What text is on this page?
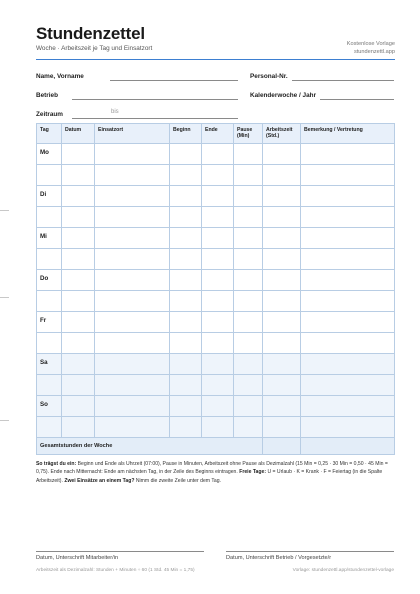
Stundenzettel
Woche · Arbeitszeit je Tag und Einsatzort
Kostenlose Vorlage
stundenzettl.app
Name, Vorname	Personal-Nr.
Betrieb	Kalenderwoche / Jahr
Zeitraum	bis
Tag	Datum	Einsatzort	Beginn	Ende	Pause (Min)	Arbeitszeit (Std.)	Bemerkung / Vertretung
Mo							

Di							

Mi							

Do							

Fr							

Sa							

So							

Gesamtstunden der Woche							
So trägst du ein: Beginn und Ende als Uhrzeit (07:00), Pause in Minuten, Arbeitszeit ohne Pause als Dezimalzahl (15 Min = 0,25 · 30 Min = 0,50 · 45 Min = 0,75). Ende nach Mitternacht: Ende am nächsten Tag, in der Zeile des Beginns eintragen. Freie Tage: U = Urlaub · K = Krank · F = Feiertag (in die Spalte Arbeitszeit). Zwei Einsätze an einem Tag? Nimm die zweite Zeile unter dem Tag.
Datum, Unterschrift Mitarbeiter/in	Datum, Unterschrift Betrieb / Vorgesetzte/r
Arbeitszeit als Dezimalzahl: Stunden + Minuten ÷ 60 (1 Std. 45 Min = 1,75)	Vorlage: stundenzettl.app/stundenzettel-vorlage
